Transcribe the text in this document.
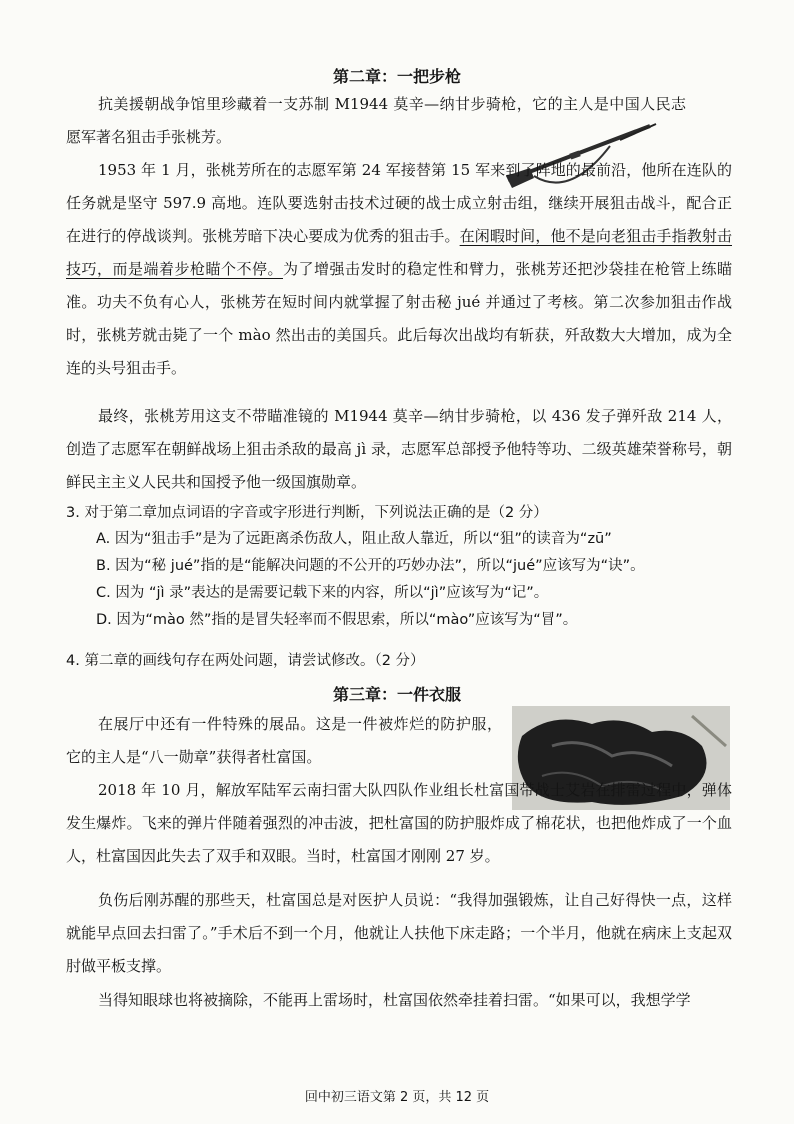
第二章：一把步枪
抗美援朝战争馆里珍藏着一支苏制 M1944 莫辛—纳甘步骑枪，它的主人是中国人民志愿军著名狙击手张桃芳。
1953 年 1 月，张桃芳所在的志愿军第 24 军接替第 15 军来到了阵地的最前沿，他所在连队的任务就是坚守 597.9 高地。连队要选射击技术过硬的战士成立射击组，继续开展狙击战斗，配合正在进行的停战谈判。张桃芳暗下决心要成为优秀的狙击手。在闲暇时间，他不是向老狙击手指教射击技巧，而是端着步枪瞄个不停。为了增强击发时的稳定性和臂力，张桃芳还把沙袋挂在枪管上练瞄准。功夫不负有心人，张桃芳在短时间内就掌握了射击秘 jué 并通过了考核。第二次参加狙击作战时，张桃芳就击毙了一个 mào 然出击的美国兵。此后每次出战均有斩获，歼敌数大大增加，成为全连的头号狙击手。
最终，张桃芳用这支不带瞄准镜的 M1944 莫辛—纳甘步骑枪，以 436 发子弹歼敌 214 人，创造了志愿军在朝鲜战场上狙击杀敌的最高 jì 录，志愿军总部授予他特等功、二级英雄荣誉称号，朝鲜民主主义人民共和国授予他一级国旗勋章。
3. 对于第二章加点词语的字音或字形进行判断，下列说法正确的是（2 分）
A. 因为“狙击手”是为了远距离杀伤敌人，阻止敌人靠近，所以“狙”的读音为“zū”
B. 因为“秘 jué”指的是“能解决问题的不公开的巧妙办法”，所以“jué”应该写为“诀”。
C. 因为 “jì 录”表达的是需要记载下来的内容，所以“jì”应该写为“记”。
D. 因为“mào 然”指的是冒失轻率而不假思索，所以“mào”应该写为“冒”。
4. 第二章的画线句存在两处问题，请尝试修改。（2 分）
第三章：一件衣服
在展厅中还有一件特殊的展品。这是一件被炸烂的防护服，它的主人是“八一勋章”获得者杜富国。
2018 年 10 月，解放军陆军云南扫雷大队四队作业组长杜富国带战士艾岩在排雷过程中，弹体发生爆炸。飞来的弹片伴随着强烈的冲击波，把杜富国的防护服炸成了棉花状，也把他炸成了一个血人，杜富国因此失去了双手和双眼。当时，杜富国才刚刚 27 岁。
负伤后刚苏醒的那些天，杜富国总是对医护人员说：“我得加强锻炼，让自己好得快一点，这样就能早点回去扫雷了。”手术后不到一个月，他就让人扶他下床走路；一个半月，他就在病床上支起双肘做平板支撑。
当得知眼球也将被摘除，不能再上雷场时，杜富国依然牵挂着扫雷。“如果可以，我想学学
回中初三语文第 2 页，共 12 页
